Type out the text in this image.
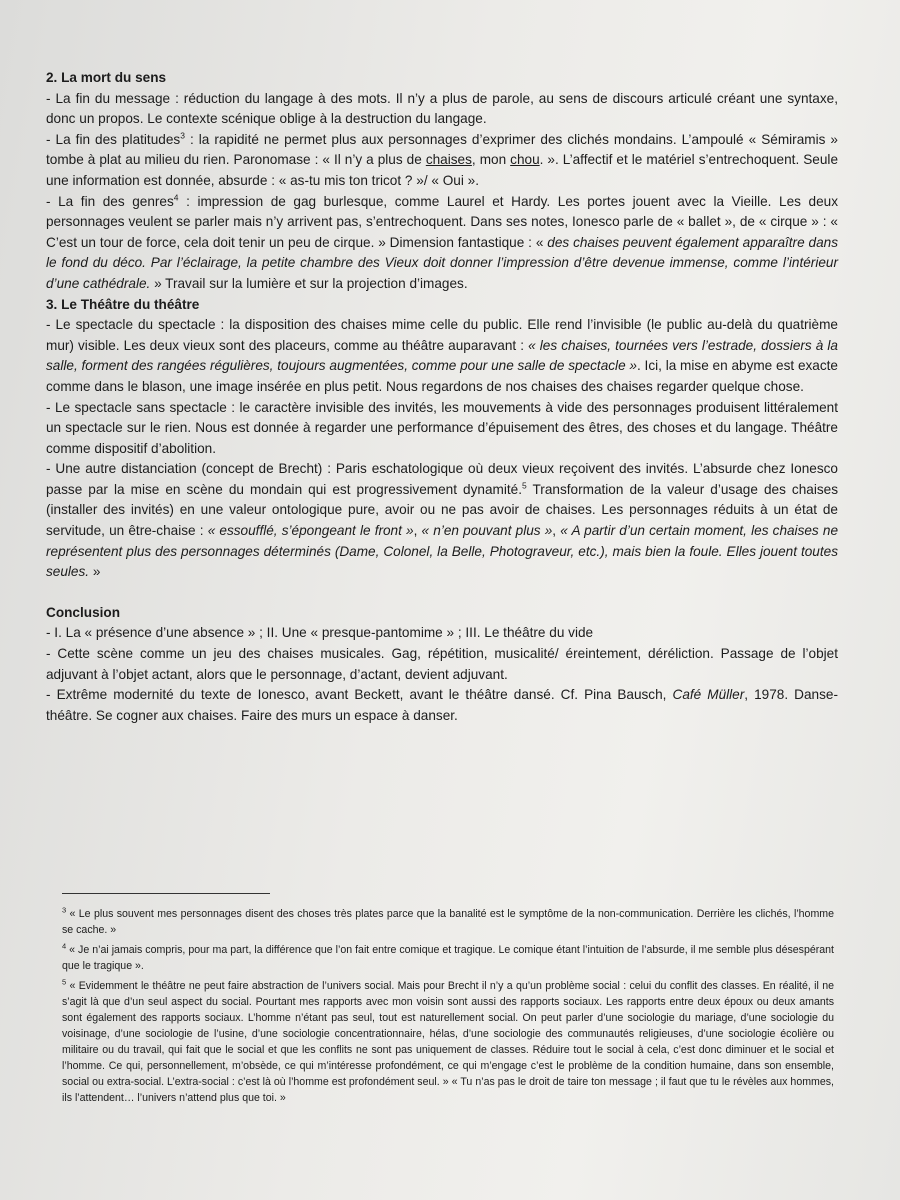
2. La mort du sens

- La fin du message : réduction du langage à des mots. Il n’y a plus de parole, au sens de discours articulé créant une syntaxe, donc un propos. Le contexte scénique oblige à la destruction du langage.

- La fin des platitudes$^3$ : la rapidité ne permet plus aux personnages d’exprimer des clichés mondains. L’ampoulé « Sémiramis » tombe à plat au milieu du rien. Paronomase : « Il n’y a plus de chaises, mon chou. ». L’affectif et le matériel s’entrechoquent. Seule une information est donnée, absurde : « as-tu mis ton tricot ? »/ « Oui ».

- La fin des genres$^4$ : impression de gag burlesque, comme Laurel et Hardy. Les portes jouent avec la Vieille. Les deux personnages veulent se parler mais n’y arrivent pas, s’entrechoquent. Dans ses notes, Ionesco parle de « ballet », de « cirque » : « C’est un tour de force, cela doit tenir un peu de cirque. » Dimension fantastique : « des chaises peuvent également apparaître dans le fond du déco. Par l’éclairage, la petite chambre des Vieux doit donner l’impression d’être devenue immense, comme l’intérieur d’une cathédrale. » Travail sur la lumière et sur la projection d’images.

3. Le Théâtre du théâtre

- Le spectacle du spectacle : la disposition des chaises mime celle du public. Elle rend l’invisible (le public au-delà du quatrième mur) visible. Les deux vieux sont des placeurs, comme au théâtre auparavant : « les chaises, tournées vers l’estrade, dossiers à la salle, forment des rangées régulières, toujours augmentées, comme pour une salle de spectacle ». Ici, la mise en abyme est exacte comme dans le blason, une image insérée en plus petit. Nous regardons de nos chaises des chaises regarder quelque chose.

- Le spectacle sans spectacle : le caractère invisible des invités, les mouvements à vide des personnages produisent littéralement un spectacle sur le rien. Nous est donnée à regarder une performance d’épuisement des êtres, des choses et du langage. Théâtre comme dispositif d’abolition.

- Une autre distanciation (concept de Brecht) : Paris eschatologique où deux vieux reçoivent des invités. L’absurde chez Ionesco passe par la mise en scène du mondain qui est progressivement dynamité.$^5$ Transformation de la valeur d’usage des chaises (installer des invités) en une valeur ontologique pure, avoir ou ne pas avoir de chaises. Les personnages réduits à un état de servitude, un être-chaise : « essoufflé, s’épongeant le front », « n’en pouvant plus », « A partir d’un certain moment, les chaises ne représentent plus des personnages déterminés (Dame, Colonel, la Belle, Photograveur, etc.), mais bien la foule. Elles jouent toutes seules. »

Conclusion

- I. La « présence d’une absence » ; II. Une « presque-pantomime » ; III. Le théâtre du vide

- Cette scène comme un jeu des chaises musicales. Gag, répétition, musicalité/ éreintement, déréliction. Passage de l’objet adjuvant à l’objet actant, alors que le personnage, d’actant, devient adjuvant.

- Extrême modernité du texte de Ionesco, avant Beckett, avant le théâtre dansé. Cf. Pina Bausch, Café Müller, 1978. Danse-théâtre. Se cogner aux chaises. Faire des murs un espace à danser.

$^3$ « Le plus souvent mes personnages disent des choses très plates parce que la banalité est le symptôme de la non-communication. Derrière les clichés, l’homme se cache. »

$^4$ « Je n’ai jamais compris, pour ma part, la différence que l’on fait entre comique et tragique. Le comique étant l’intuition de l’absurde, il me semble plus désespérant que le tragique ».

$^5$ « Evidemment le théâtre ne peut faire abstraction de l’univers social. Mais pour Brecht il n’y a qu’un problème social : celui du conflit des classes. En réalité, il ne s’agit là que d’un seul aspect du social. Pourtant mes rapports avec mon voisin sont aussi des rapports sociaux. Les rapports entre deux époux ou deux amants sont également des rapports sociaux. L’homme n’étant pas seul, tout est naturellement social. On peut parler d’une sociologie du mariage, d’une sociologie du voisinage, d’une sociologie de l’usine, d’une sociologie concentrationnaire, hélas, d’une sociologie des communautés religieuses, d’une sociologie écolière ou militaire ou du travail, qui fait que le social et que les conflits ne sont pas uniquement de classes. Réduire tout le social à cela, c’est donc diminuer et le social et l’homme. Ce qui, personnellement, m’obsède, ce qui m’intéresse profondément, ce qui m’engage c’est le problème de la condition humaine, dans son ensemble, social ou extra-social. L’extra-social : c’est là où l’homme est profondément seul. » « Tu n’as pas le droit de taire ton message ; il faut que tu le révèles aux hommes, ils l’attendent… l’univers n’attend plus que toi. »
